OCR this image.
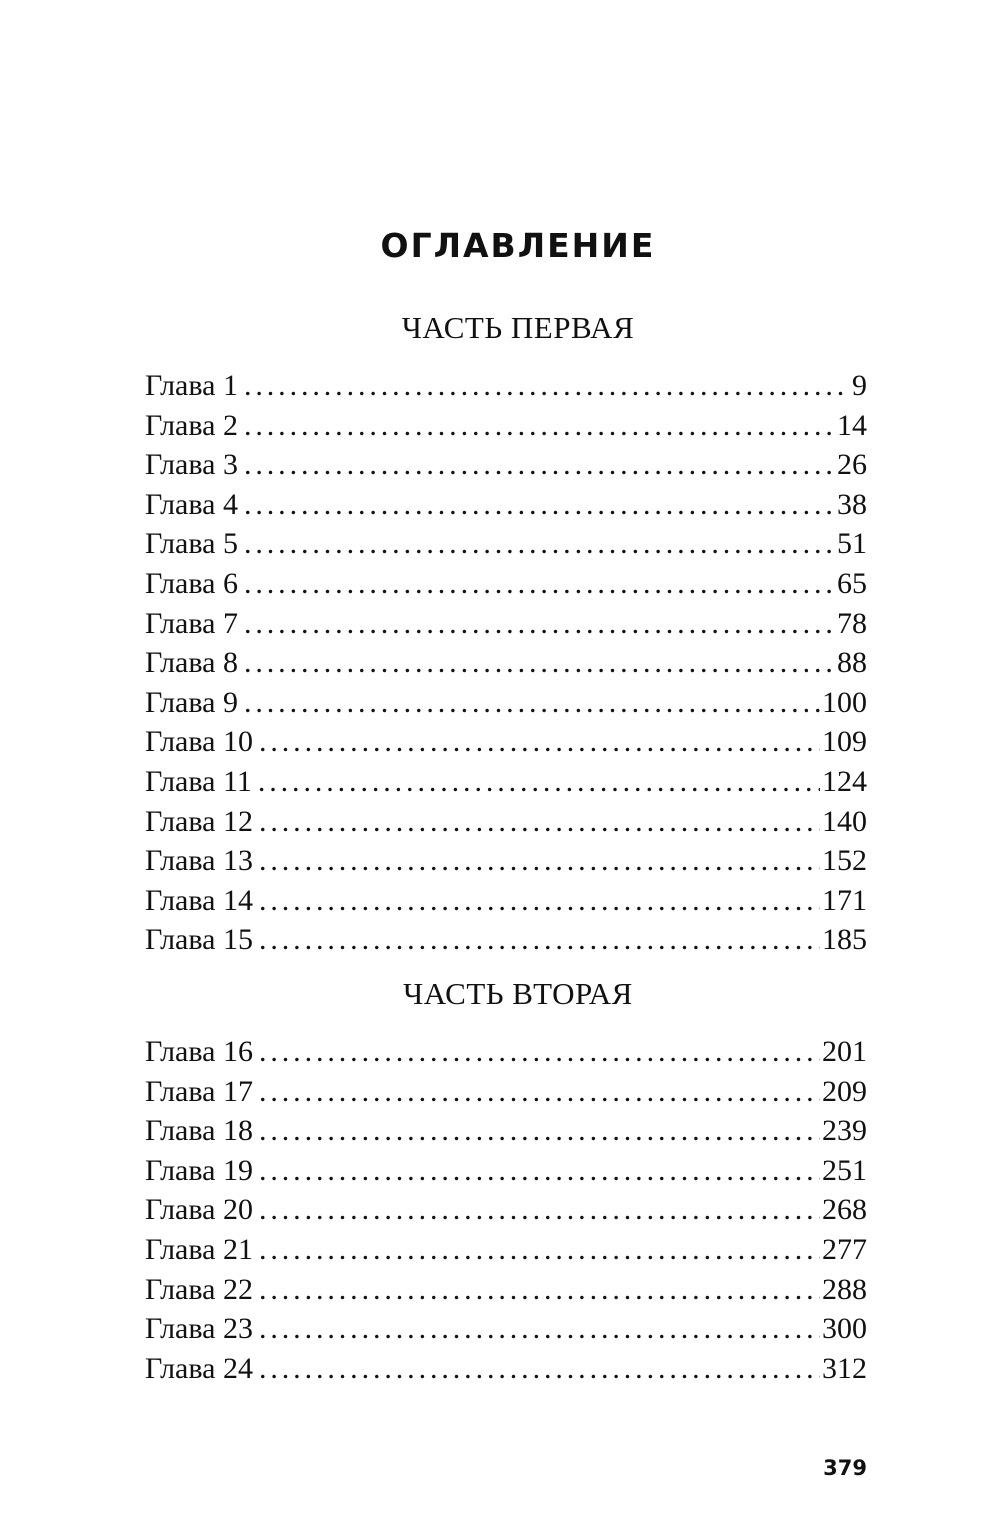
ОГЛАВЛЕНИЕ
ЧАСТЬ ПЕРВАЯ
Глава 1 .....	9
Глава 2 .....	14
Глава 3 .....	26
Глава 4 .....	38
Глава 5 .....	51
Глава 6 .....	65
Глава 7 .....	78
Глава 8 .....	88
Глава 9 .....	100
Глава 10 .....	109
Глава 11 .....	124
Глава 12 .....	140
Глава 13 .....	152
Глава 14 .....	171
Глава 15 .....	185
ЧАСТЬ ВТОРАЯ
Глава 16 .....	201
Глава 17 .....	209
Глава 18 .....	239
Глава 19 .....	251
Глава 20 .....	268
Глава 21 .....	277
Глава 22 .....	288
Глава 23 .....	300
Глава 24 .....	312
379
